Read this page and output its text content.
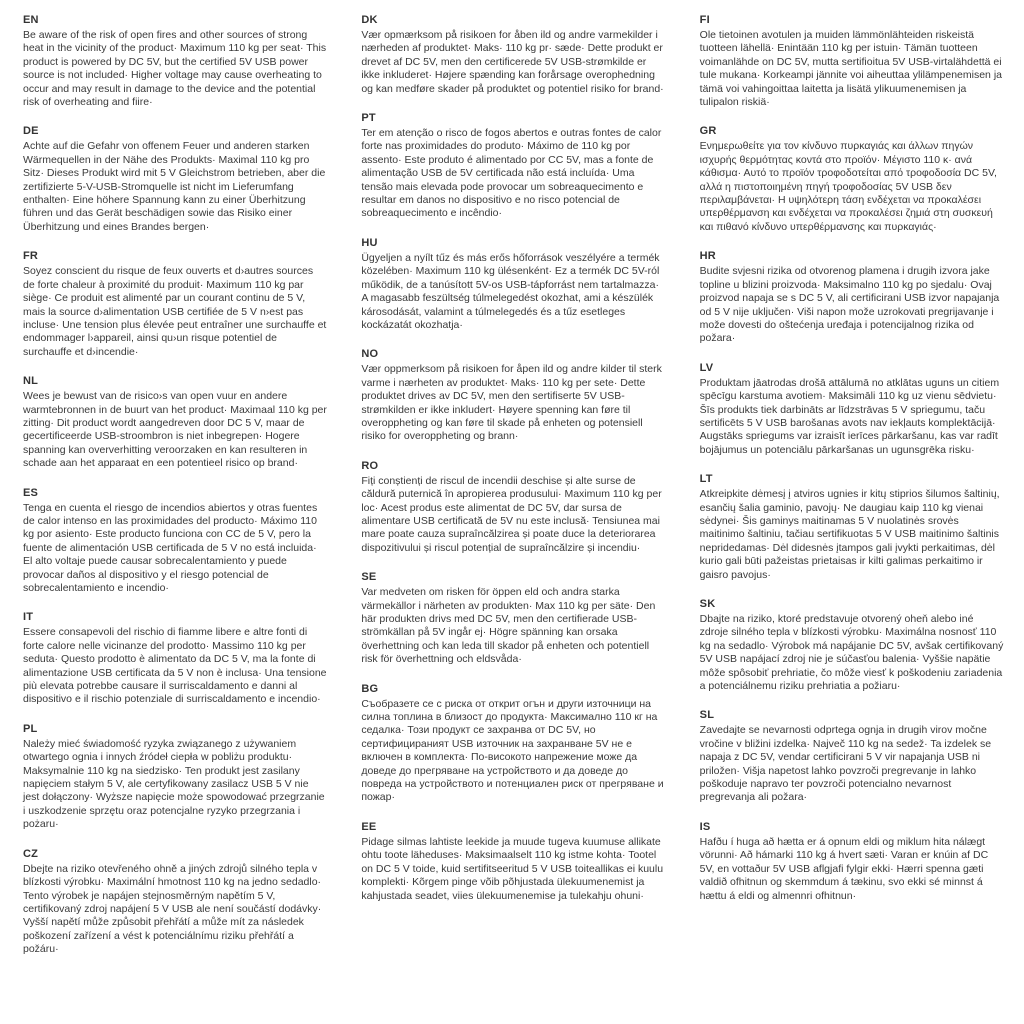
EN

Be aware of the risk of open fires and other sources of strong heat in the vicinity of the product· Maximum 110 kg per seat· This product is powered by DC 5V, but the certified 5V USB power source is not included· Higher voltage may cause overheating to occur and may result in damage to the device and the potential risk of overheating and fiire·

DE

Achte auf die Gefahr von offenem Feuer und anderen starken Wärmequellen in der Nähe des Produkts· Maximal 110 kg pro Sitz· Dieses Produkt wird mit 5 V Gleichstrom betrieben, aber die zertifizierte 5-V-USB-Stromquelle ist nicht im Lieferumfang enthalten· Eine höhere Spannung kann zu einer Überhitzung führen und das Gerät beschädigen sowie das Risiko einer Überhitzung und eines Brandes bergen·

FR

Soyez conscient du risque de feux ouverts et d›autres sources de forte chaleur à proximité du produit· Maximum 110 kg par siège· Ce produit est alimenté par un courant continu de 5 V, mais la source d›alimentation USB certifiée de 5 V n›est pas incluse· Une tension plus élevée peut entraîner une surchauffe et endommager l›appareil, ainsi qu›un risque potentiel de surchauffe et d›incendie·

NL

Wees je bewust van de risico›s van open vuur en andere warmtebronnen in de buurt van het product· Maximaal 110 kg per zitting· Dit product wordt aangedreven door DC 5 V, maar de gecertificeerde USB-stroombron is niet inbegrepen· Hogere spanning kan oververhitting veroorzaken en kan resulteren in schade aan het apparaat en een potentieel risico op brand·

ES

Tenga en cuenta el riesgo de incendios abiertos y otras fuentes de calor intenso en las proximidades del producto· Máximo 110 kg por asiento· Este producto funciona con CC de 5 V, pero la fuente de alimentación USB certificada de 5 V no está incluida· El alto voltaje puede causar sobrecalentamiento y puede provocar daños al dispositivo y el riesgo potencial de sobrecalentamiento e incendio·

IT

Essere consapevoli del rischio di fiamme libere e altre fonti di forte calore nelle vicinanze del prodotto· Massimo 110 kg per seduta· Questo prodotto è alimentato da DC 5 V, ma la fonte di alimentazione USB certificata da 5 V non è inclusa· Una tensione più elevata potrebbe causare il surriscaldamento e danni al dispositivo e il rischio potenziale di surriscaldamento e incendio·

PL

Należy mieć świadomość ryzyka związanego z używaniem otwartego ognia i innych źródeł ciepła w pobliżu produktu· Maksymalnie 110 kg na siedzisko· Ten produkt jest zasilany napięciem stałym 5 V, ale certyfikowany zasilacz USB 5 V nie jest dołączony· Wyższe napięcie może spowodować przegrzanie i uszkodzenie sprzętu oraz potencjalne ryzyko przegrzania i pożaru·

CZ

Dbejte na riziko otevřeného ohně a jiných zdrojů silného tepla v blízkosti výrobku· Maximální hmotnost 110 kg na jedno sedadlo· Tento výrobek je napájen stejnosměrným napětím 5 V, certifikovaný zdroj napájení 5 V USB ale není součástí dodávky· Vyšší napětí může způsobit přehřátí a může mít za následek poškození zařízení a vést k potenciálnímu riziku přehřátí a požáru·

DK

Vær opmærksom på risikoen for åben ild og andre varmekilder i nærheden af produktet· Maks· 110 kg pr· sæde· Dette produkt er drevet af DC 5V, men den certificerede 5V USB-strømkilde er ikke inkluderet· Højere spænding kan forårsage overophedning og kan medføre skader på produktet og potentiel risiko for brand·

PT

Ter em atenção o risco de fogos abertos e outras fontes de calor forte nas proximidades do produto· Máximo de 110 kg por assento· Este produto é alimentado por CC 5V, mas a fonte de alimentação USB de 5V certificada não está incluída· Uma tensão mais elevada pode provocar um sobreaquecimento e resultar em danos no dispositivo e no risco potencial de sobreaquecimento e incêndio·

HU

Ügyeljen a nyílt tűz és más erős hőforrások veszélyére a termék közelében· Maximum 110 kg ülésenként· Ez a termék DC 5V-ról működik, de a tanúsított 5V-os USB-tápforrást nem tartalmazza· A magasabb feszültség túlmelegedést okozhat, ami a készülék károsodását, valamint a túlmelegedés és a tűz esetleges kockázatát okozhatja·

NO

Vær oppmerksom på risikoen for åpen ild og andre kilder til sterk varme i nærheten av produktet· Maks· 110 kg per sete· Dette produktet drives av DC 5V, men den sertifiserte 5V USB-strømkilden er ikke inkludert· Høyere spenning kan føre til overoppheting og kan føre til skade på enheten og potensiell risiko for overoppheting og brann·

RO

Fiți conștienți de riscul de incendii deschise și alte surse de căldură puternică în apropierea produsului· Maximum 110 kg per loc· Acest produs este alimentat de DC 5V, dar sursa de alimentare USB certificată de 5V nu este inclusă· Tensiunea mai mare poate cauza supraîncălzirea și poate duce la deteriorarea dispozitivului și riscul potențial de supraîncălzire și incendiu·

SE

Var medveten om risken för öppen eld och andra starka värmekällor i närheten av produkten· Max 110 kg per säte· Den här produkten drivs med DC 5V, men den certifierade USB-strömkällan på 5V ingår ej· Högre spänning kan orsaka överhettning och kan leda till skador på enheten och potentiell risk för överhettning och eldsvåda·

BG

Съобразете се с риска от открит огън и други източници на силна топлина в близост до продукта· Максимално 110 кг на седалка· Този продукт се захранва от DC 5V, но сертифицираният USB източник на захранване 5V не е включен в комплекта· По-високото напрежение може да доведе до прегряване на устройството и да доведе до повреда на устройството и потенциален риск от прегряване и пожар·

EE

Pidage silmas lahtiste leekide ja muude tugeva kuumuse allikate ohtu toote läheduses· Maksimaalselt 110 kg istme kohta· Tootel on DC 5 V toide, kuid sertifitseeritud 5 V USB toiteallikas ei kuulu komplekti· Kõrgem pinge võib põhjustada ülekuumenemist ja kahjustada seadet, viies ülekuumenemise ja tulekahju ohuni·

FI

Ole tietoinen avotulen ja muiden lämmönlähteiden riskeistä tuotteen lähellä· Enintään 110 kg per istuin· Tämän tuotteen voimanlähde on DC 5V, mutta sertifioitua 5V USB-virtalähdettä ei tule mukana· Korkeampi jännite voi aiheuttaa ylilämpenemisen ja tämä voi vahingoittaa laitetta ja lisätä ylikuumenemisen ja tulipalon riskiä·

GR

Ενημερωθείτε για τον κίνδυνο πυρκαγιάς και άλλων πηγών ισχυρής θερμότητας κοντά στο προϊόν· Μέγιστο 110 κ· ανά κάθισμα· Αυτό το προϊόν τροφοδοτείται από τροφοδοσία DC 5V, αλλά η πιστοποιημένη πηγή τροφοδοσίας 5V USB δεν περιλαμβάνεται· Η υψηλότερη τάση ενδέχεται να προκαλέσει υπερθέρμανση και ενδέχεται να προκαλέσει ζημιά στη συσκευή και πιθανό κίνδυνο υπερθέρμανσης και πυρκαγιάς·

HR

Budite svjesni rizika od otvorenog plamena i drugih izvora jake topline u blizini proizvoda· Maksimalno 110 kg po sjedalu· Ovaj proizvod napaja se s DC 5 V, ali certificirani USB izvor napajanja od 5 V nije uključen· Viši napon može uzrokovati pregrijavanje i može dovesti do oštećenja uređaja i potencijalnog rizika od požara·

LV

Produktam jāatrodas drošā attālumā no atklātas uguns un citiem spēcīgu karstuma avotiem· Maksimāli 110 kg uz vienu sēdvietu· Šīs produkts tiek darbināts ar līdzstrāvas 5 V spriegumu, taču sertificēts 5 V USB barošanas avots nav iekļauts komplektācijā· Augstāks spriegums var izraisīt ierīces pārkaršanu, kas var radīt bojājumus un potenciālu pārkaršanas un ugunsgrēka risku·

LT

Atkreipkite dėmesį į atviros ugnies ir kitų stiprios šilumos šaltinių, esančių šalia gaminio, pavojų· Ne daugiau kaip 110 kg vienai sėdynei· Šis gaminys maitinamas 5 V nuolatinės srovės maitinimo šaltiniu, tačiau sertifikuotas 5 V USB maitinimo šaltinis nepridedamas· Dėl didesnės įtampos gali įvykti perkaitimas, dėl kurio gali būti pažeistas prietaisas ir kilti galimas perkaitimo ir gaisro pavojus·

SK

Dbajte na riziko, ktoré predstavuje otvorený oheň alebo iné zdroje silného tepla v blízkosti výrobku· Maximálna nosnosť 110 kg na sedadlo· Výrobok má napájanie DC 5V, avšak certifikovaný 5V USB napájací zdroj nie je súčasťou balenia· Vyššie napätie môže spôsobiť prehriatie, čo môže viesť k poškodeniu zariadenia a potenciálnemu riziku prehriatia a požiaru·

SL

Zavedajte se nevarnosti odprtega ognja in drugih virov močne vročine v bližini izdelka· Največ 110 kg na sedež· Ta izdelek se napaja z DC 5V, vendar certificirani 5 V vir napajanja USB ni priložen· Višja napetost lahko povzroči pregrevanje in lahko poškoduje napravo ter povzroči potencialno nevarnost pregrevanja ali požara·

IS

Hafðu í huga að hætta er á opnum eldi og miklum hita nálægt vörunni· Að hámarki 110 kg á hvert sæti· Varan er knúin af DC 5V, en vottaður 5V USB aflgjafi fylgir ekki· Hærri spenna gæti valdið ofhitnun og skemmdum á tækinu, svo ekki sé minnst á hættu á eldi og almennri ofhitnun·
